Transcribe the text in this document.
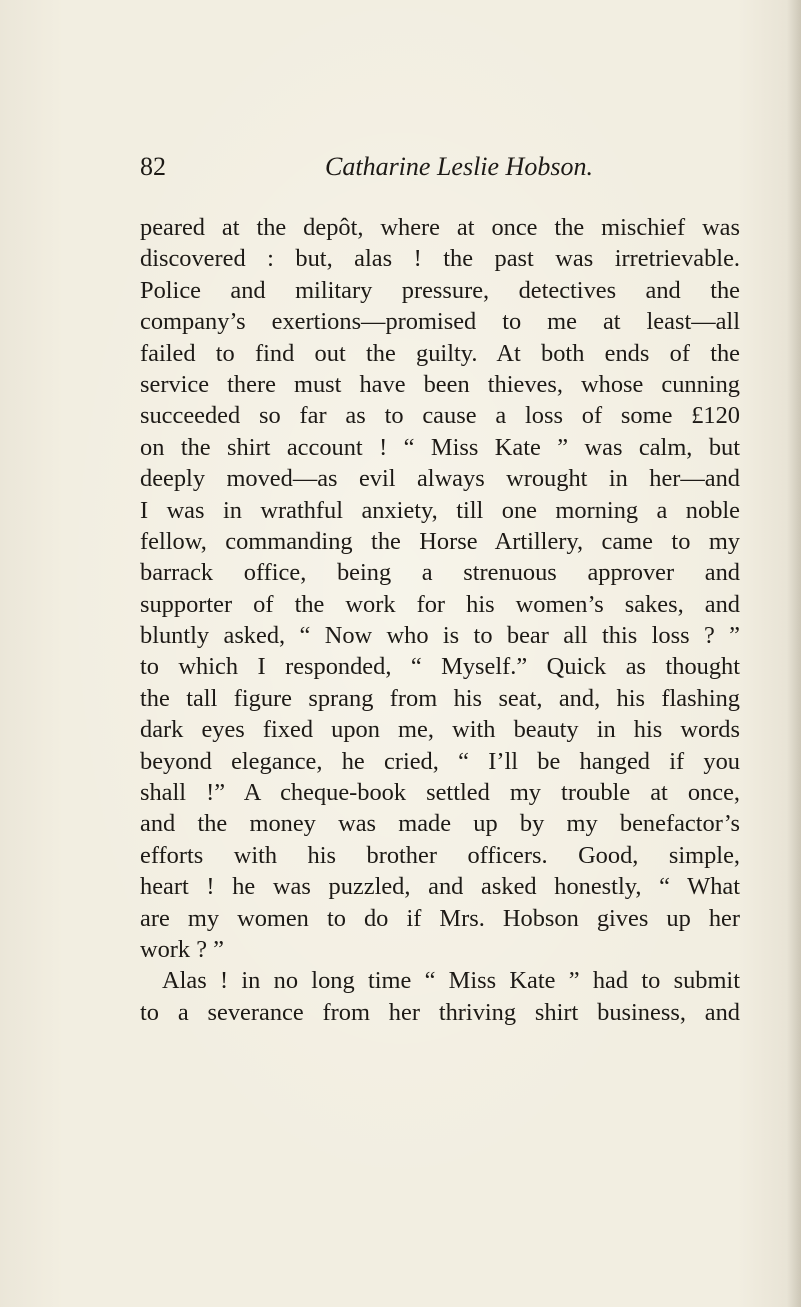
82	Catharine Leslie Hobson.
peared at the depôt, where at once the mischief was
discovered : but, alas ! the past was irretrievable.
Police and military pressure, detectives and the
company’s exertions—promised to me at least—all
failed to find out the guilty. At both ends of the
service there must have been thieves, whose cunning
succeeded so far as to cause a loss of some £120
on the shirt account ! “ Miss Kate ” was calm, but
deeply moved—as evil always wrought in her—and
I was in wrathful anxiety, till one morning a noble
fellow, commanding the Horse Artillery, came to my
barrack office, being a strenuous approver and
supporter of the work for his women’s sakes, and
bluntly asked, “ Now who is to bear all this loss ? ”
to which I responded, “ Myself.” Quick as thought
the tall figure sprang from his seat, and, his flashing
dark eyes fixed upon me, with beauty in his words
beyond elegance, he cried, “ I’ll be hanged if you
shall !” A cheque-book settled my trouble at once,
and the money was made up by my benefactor’s
efforts with his brother officers. Good, simple,
heart ! he was puzzled, and asked honestly, “ What
are my women to do if Mrs. Hobson gives up her
work ? ”
Alas ! in no long time “ Miss Kate ” had to submit
to a severance from her thriving shirt business, and
